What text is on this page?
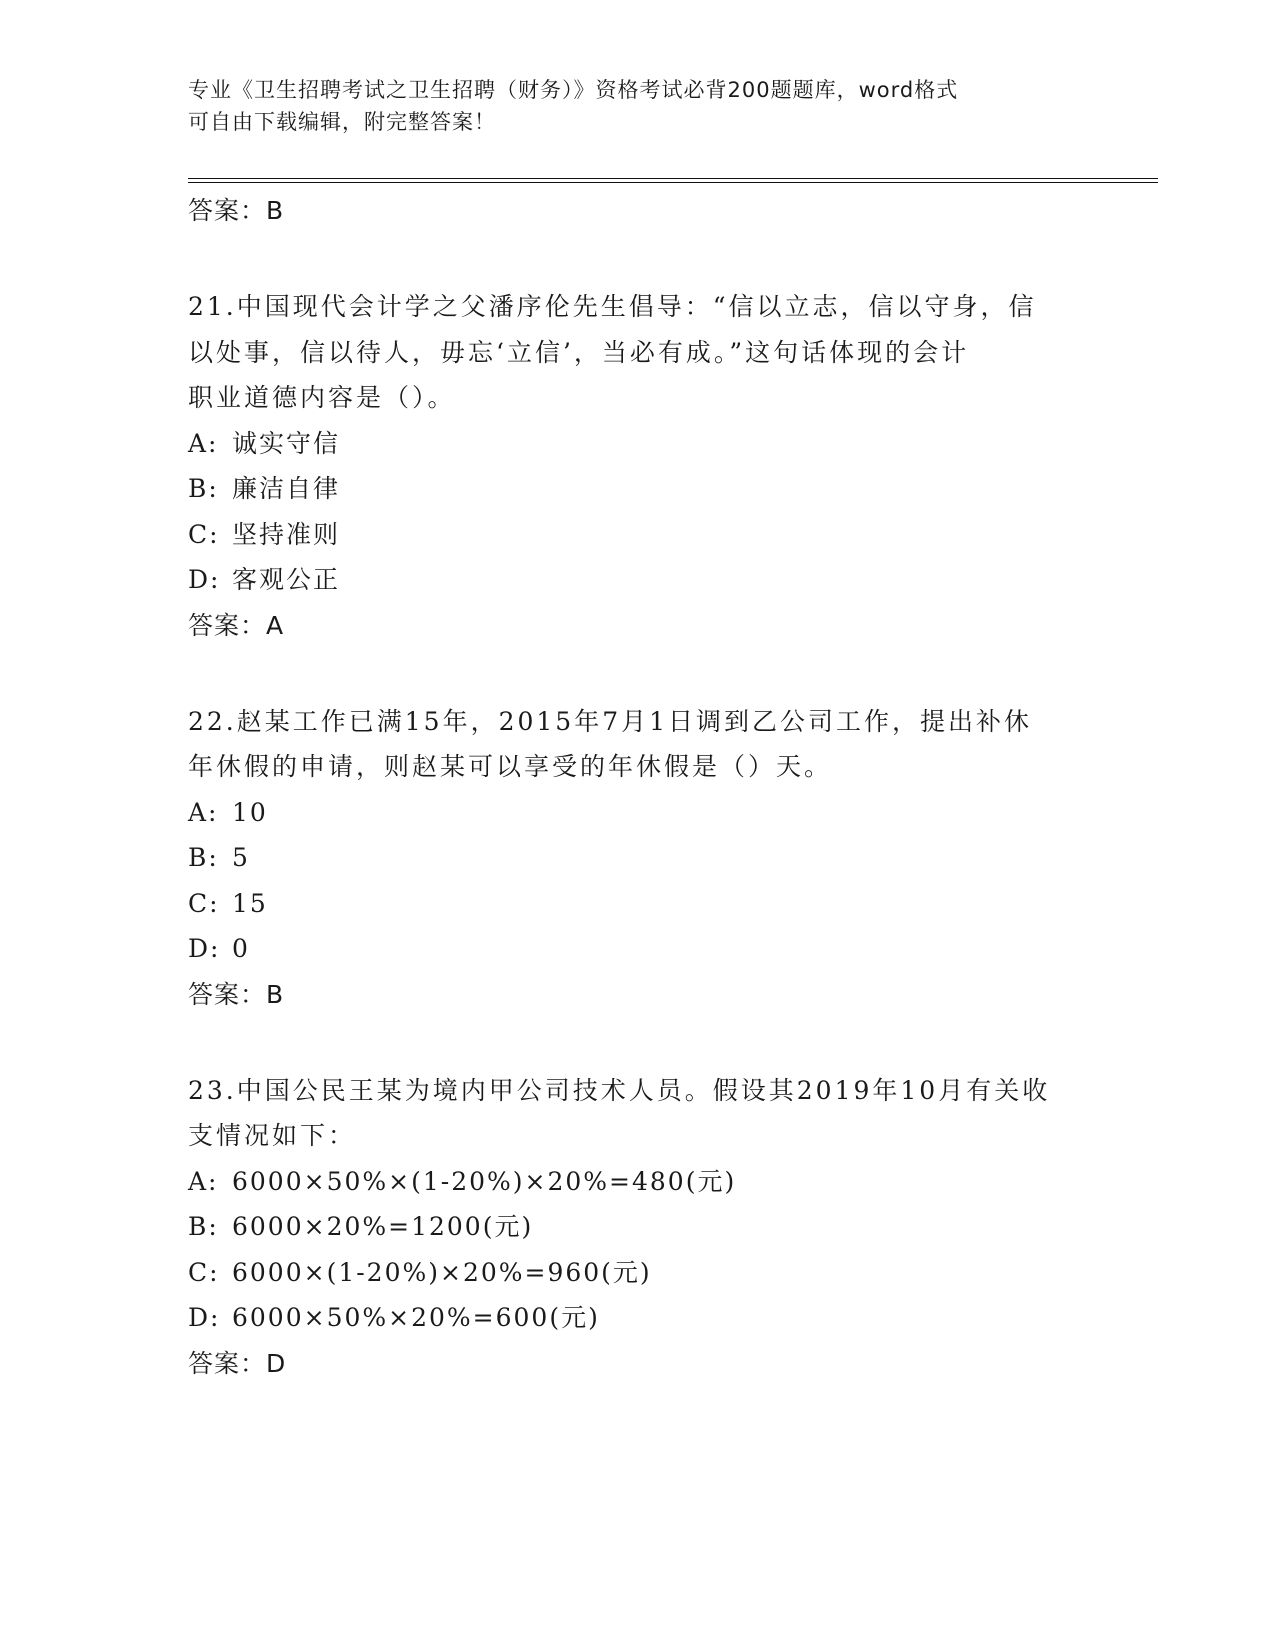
专业《卫生招聘考试之卫生招聘（财务）》资格考试必背200题题库，word格式
可自由下载编辑，附完整答案！
答案：B
21.中国现代会计学之父潘序伦先生倡导：“信以立志，信以守身，信
以处事，信以待人，毋忘‘立信’，当必有成。”这句话体现的会计
职业道德内容是（）。
A: 诚实守信
B: 廉洁自律
C: 坚持准则
D: 客观公正
答案：A
22.赵某工作已满15年，2015年7月1日调到乙公司工作，提出补休
年休假的申请，则赵某可以享受的年休假是（）天。
A: 10
B: 5
C: 15
D: 0
答案：B
23.中国公民王某为境内甲公司技术人员。假设其2019年10月有关收
支情况如下：
A: 6000×50%×(1-20%)×20%=480(元)
B: 6000×20%=1200(元)
C: 6000×(1-20%)×20%=960(元)
D: 6000×50%×20%=600(元)
答案：D
